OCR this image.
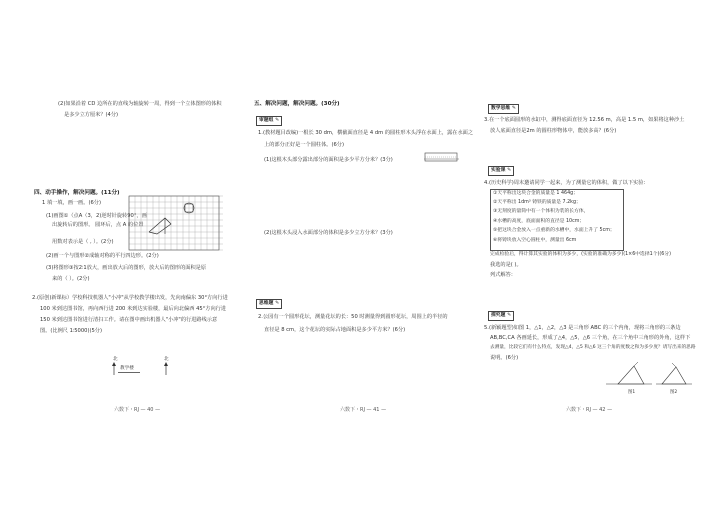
(2)如果沿着 CD 边所在的直线为轴旋转一周，得到一个立体图形的体积
是多少立方厘米？(4分)
四、动手操作，解决问题。(11分)
1 填一填，画一画。(6分)
(1)画图①（点A（3，2)逆时针旋转90°，画
出旋转后的图形。 圆环后，点 A 的位置
用数对表示是（ , ）。(2分)
(2)画一个与图形②成轴对称的平行四边形。(2分)
(3)将图形③按2∶1放大，画出放大后的图形，放大后的图形的面积是原
来的（ ）。(2分)
2.(原创)新课标）学校科技机器人"小冲"从学校教学楼出发，先向南偏东 30°方向行进
100 米到达图书馆，再向西行进 200 米到达实验楼，最后向北偏西 45°方向行进
150 米到达图书馆进行清扫工作。请在图中画出机器人"小冲"的行进路线示意
图。(比例尺 1∶5000)(5分)
北
教学楼
北
六数下・RJ — 40 —
五、解决问题，解决问题。(30分)
审题组 ✎
1.(教材题目改编)一根长 30 dm，横截面直径是 4 dm 的圆柱形木头浮在水面上，露在水面之
上的部分正好是一个圆柱体。(6分)
(1)这根木头部分露出部分的面积是多少平方分米？(3分)
(2)这根木头浸入水面部分的体积是多少立方分米？(3分)
思维题 ✎
2.公园有一个圆形花坛，测量花坛的长：50 时测量得到圆形花坛，周围上的半径的
直径是 8 cm，这个花坛的实际占地面积是多少平方米？(6分)
六数下・RJ — 41 —
数学思维 ✎
3.在一个底面圆形的水缸中，测得底面直径为 12.56 m，高是 1.5 m，如果将这种沙土
放人底面直径是2m 的圆柱形物体中，能放多高？(6分)
实验课 ✎
4.(历史科学)周末邀请同学一起来，为了测量它的体积，做了以下实验：
①天平称出这块合金的质量是 1 464g；
②天平称出 1dm³ 铸铁的质量是 7.2kg；
③无刻度的量筒中有一个体积为装的长方体，
④水槽的高度，底面面积的直径是 10cm；
⑤把这块合金放入一点重新的水槽中，水面上升了 5cm；
⑥将铸块放入空心圆柱中，测量出 6cm
完成检验后，得计算其实验的体积为多少，(实验的准确为多少)(1×6中选择1个)(6分)
我选的是( )。
列式解答：
探究题 ✎
5.(新颖题型)如图 1，△1，△2，△3 是三角形 ABC 的三个内角，现将三角形的三条边
AB,BC,CA 各画延长，形成了△4，△5，△6 三个角，在三个角中三角形的外角，这样下
去测量，比较它们有什么特点，发现△4，△5 和△6 这三个角的度数之和为多少度？请写出来的思路
说明。(6分)
图1	图2
六数下・RJ — 42 —
